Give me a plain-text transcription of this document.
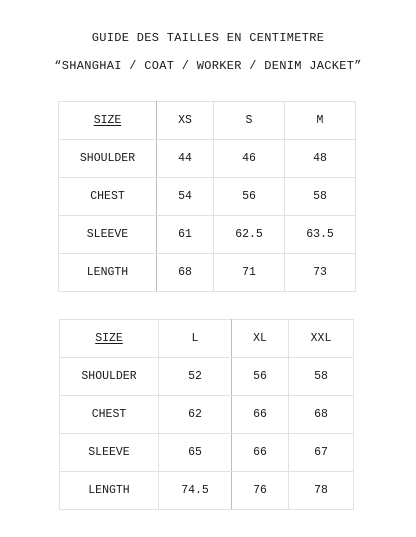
GUIDE DES TAILLES EN CENTIMETRE
“SHANGHAI / COAT / WORKER / DENIM JACKET”
SIZE	XS	S	M
SHOULDER	44	46	48
CHEST	54	56	58
SLEEVE	61	62.5	63.5
LENGTH	68	71	73
SIZE	L	XL	XXL
SHOULDER	52	56	58
CHEST	62	66	68
SLEEVE	65	66	67
LENGTH	74.5	76	78
